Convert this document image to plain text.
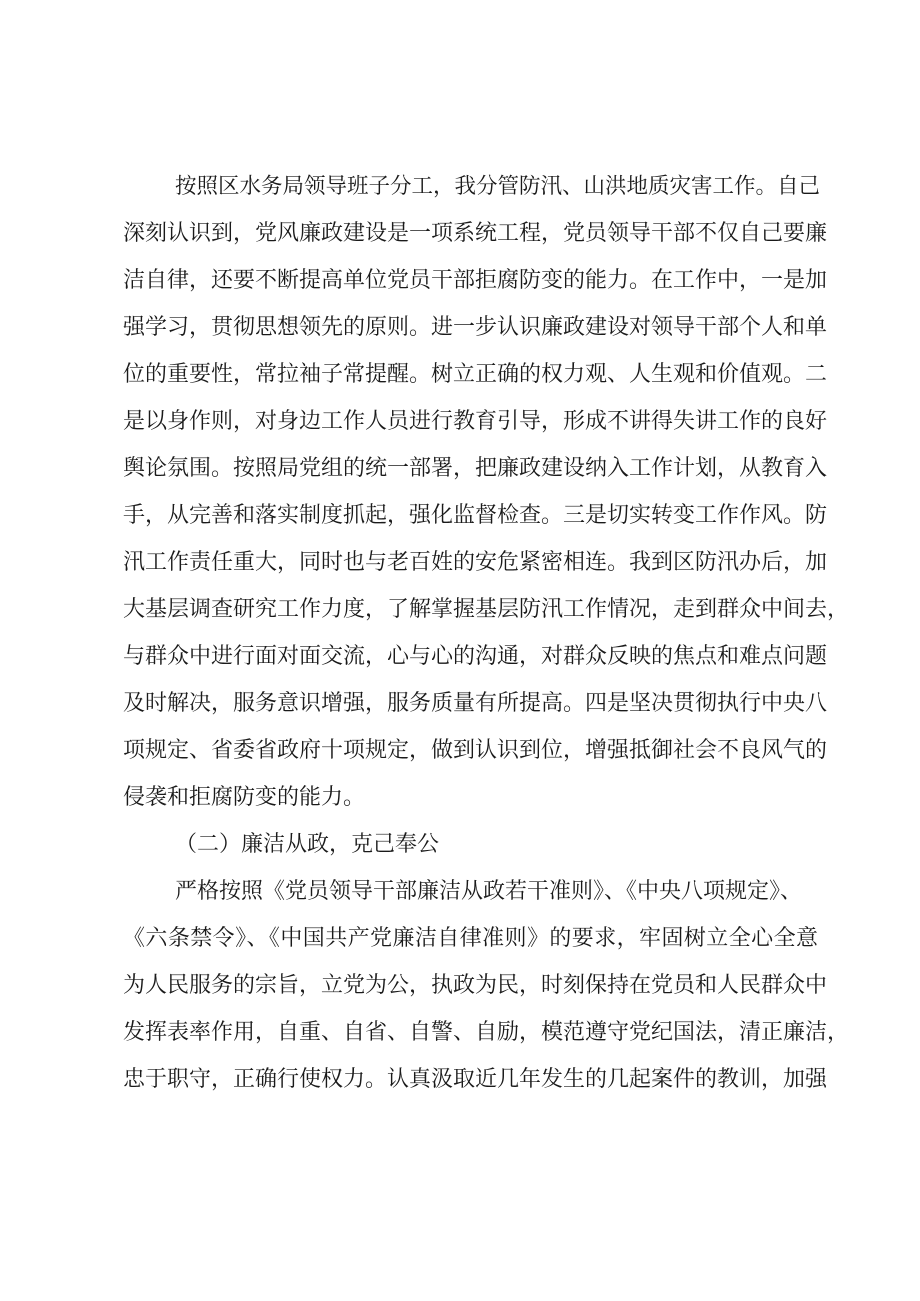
按照区水务局领导班子分工，我分管防汛、山洪地质灾害工作。自己

深刻认识到，党风廉政建设是一项系统工程，党员领导干部不仅自己要廉

洁自律，还要不断提高单位党员干部拒腐防变的能力。在工作中，一是加

强学习，贯彻思想领先的原则。进一步认识廉政建设对领导干部个人和单

位的重要性，常拉袖子常提醒。树立正确的权力观、人生观和价值观。二

是以身作则，对身边工作人员进行教育引导，形成不讲得失讲工作的良好

舆论氛围。按照局党组的统一部署，把廉政建设纳入工作计划，从教育入

手，从完善和落实制度抓起，强化监督检查。三是切实转变工作作风。防

汛工作责任重大，同时也与老百姓的安危紧密相连。我到区防汛办后，加

大基层调查研究工作力度，了解掌握基层防汛工作情况，走到群众中间去，

与群众中进行面对面交流，心与心的沟通，对群众反映的焦点和难点问题

及时解决，服务意识增强，服务质量有所提高。四是坚决贯彻执行中央八

项规定、省委省政府十项规定，做到认识到位，增强抵御社会不良风气的

侵袭和拒腐防变的能力。

（二）廉洁从政，克己奉公

严格按照《党员领导干部廉洁从政若干准则》、《中央八项规定》、

《六条禁令》、《中国共产党廉洁自律准则》的要求，牢固树立全心全意

为人民服务的宗旨，立党为公，执政为民，时刻保持在党员和人民群众中

发挥表率作用，自重、自省、自警、自励，模范遵守党纪国法，清正廉洁，

忠于职守，正确行使权力。认真汲取近几年发生的几起案件的教训，加强
